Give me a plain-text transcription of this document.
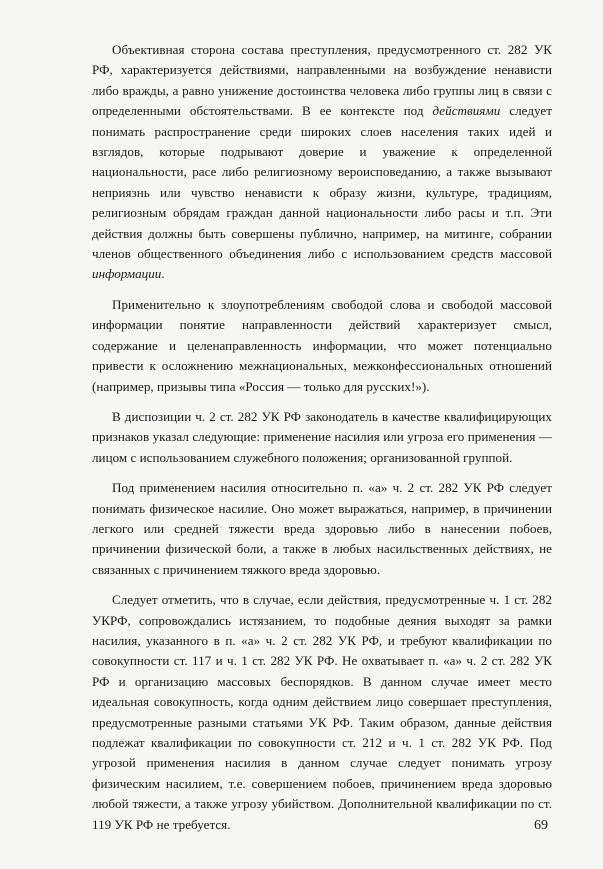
Объективная сторона состава преступления, предусмотренного ст. 282 УК РФ, характеризуется действиями, направленными на возбуждение ненависти либо вражды, а равно унижение достоинства человека либо группы лиц в связи с определенными обстоятельствами. В ее контексте под действиями следует понимать распространение среди широких слоев населения таких идей и взглядов, которые подрывают доверие и уважение к определенной национальности, расе либо религиозному вероисповеданию, а также вызывают неприязнь или чувство ненависти к образу жизни, культуре, традициям, религиозным обрядам граждан данной национальности либо расы и т.п. Эти действия должны быть совершены публично, например, на митинге, собрании членов общественного объединения либо с использованием средств массовой информации.

Применительно к злоупотреблениям свободой слова и свободой массовой информации понятие направленности действий характеризует смысл, содержание и целенаправленность информации, что может потенциально привести к осложнению межнациональных, межконфессиональных отношений (например, призывы типа «Россия — только для русских!»).

В диспозиции ч. 2 ст. 282 УК РФ законодатель в качестве квалифицирующих признаков указал следующие: применение насилия или угроза его применения — лицом с использованием служебного положения; организованной группой.

Под применением насилия относительно п. «а» ч. 2 ст. 282 УК РФ следует понимать физическое насилие. Оно может выражаться, например, в причинении легкого или средней тяжести вреда здоровью либо в нанесении побоев, причинении физической боли, а также в любых насильственных действиях, не связанных с причинением тяжкого вреда здоровью.

Следует отметить, что в случае, если действия, предусмотренные ч. 1 ст. 282 УКРФ, сопровождались истязанием, то подобные деяния выходят за рамки насилия, указанного в п. «а» ч. 2 ст. 282 УК РФ, и требуют квалификации по совокупности ст. 117 и ч. 1 ст. 282 УК РФ. Не охватывает п. «а» ч. 2 ст. 282 УК РФ и организацию массовых беспорядков. В данном случае имеет место идеальная совокупность, когда одним действием лицо совершает преступления, предусмотренные разными статьями УК РФ. Таким образом, данные действия подлежат квалификации по совокупности ст. 212 и ч. 1 ст. 282 УК РФ. Под угрозой применения насилия в данном случае следует понимать угрозу физическим насилием, т.е. совершением побоев, причинением вреда здоровью любой тяжести, а также угрозу убийством. Дополнительной квалификации по ст. 119 УК РФ не требуется.	69
